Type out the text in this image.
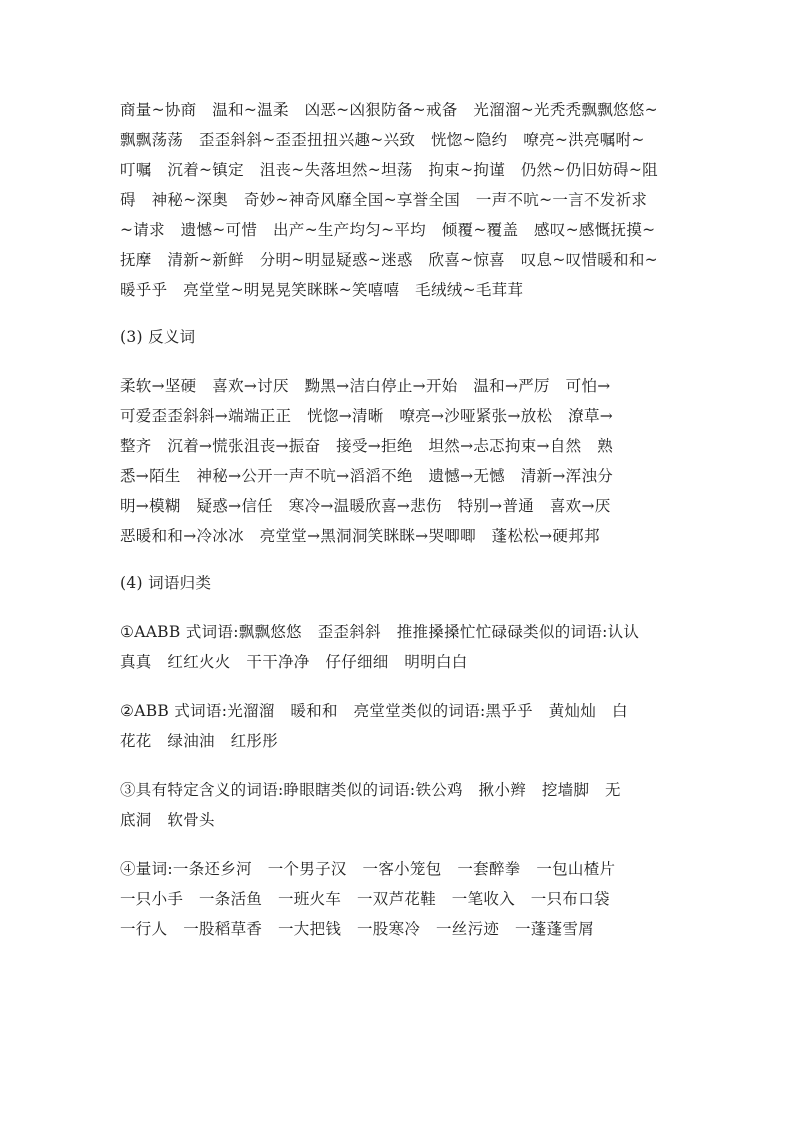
商量~协商　温和~温柔　凶恶~凶狠防备~戒备　光溜溜~光秃秃飘飘悠悠~
飘飘荡荡　歪歪斜斜~歪歪扭扭兴趣~兴致　恍惚~隐约　嘹亮~洪亮嘱咐~
叮嘱　沉着~镇定　沮丧~失落坦然~坦荡　拘束~拘谨　仍然~仍旧妨碍~阻
碍　神秘~深奥　奇妙~神奇风靡全国~享誉全国　一声不吭~一言不发祈求
~请求　遗憾~可惜　出产~生产均匀~平均　倾覆~覆盖　感叹~感慨抚摸~
抚摩　清新~新鲜　分明~明显疑惑~迷惑　欣喜~惊喜　叹息~叹惜暖和和~
暖乎乎　亮堂堂~明晃晃笑眯眯~笑嘻嘻　毛绒绒~毛茸茸

(3) 反义词

柔软→坚硬　喜欢→讨厌　黝黑→洁白停止→开始　温和→严厉　可怕→
可爱歪歪斜斜→端端正正　恍惚→清晰　嘹亮→沙哑紧张→放松　潦草→
整齐　沉着→慌张沮丧→振奋　接受→拒绝　坦然→忐忑拘束→自然　熟
悉→陌生　神秘→公开一声不吭→滔滔不绝　遗憾→无憾　清新→浑浊分
明→模糊　疑惑→信任　寒冷→温暖欣喜→悲伤　特别→普通　喜欢→厌
恶暖和和→冷冰冰　亮堂堂→黑洞洞笑眯眯→哭唧唧　蓬松松→硬邦邦

(4) 词语归类

①AABB 式词语:飘飘悠悠　歪歪斜斜　推推搡搡忙忙碌碌类似的词语:认认
真真　红红火火　干干净净　仔仔细细　明明白白

②ABB 式词语:光溜溜　暖和和　亮堂堂类似的词语:黑乎乎　黄灿灿　白
花花　绿油油　红彤彤

③具有特定含义的词语:睁眼瞎类似的词语:铁公鸡　揪小辫　挖墙脚　无
底洞　软骨头

④量词:一条还乡河　一个男子汉　一客小笼包　一套醉拳　一包山楂片
一只小手　一条活鱼　一班火车　一双芦花鞋　一笔收入　一只布口袋
一行人　一股稻草香　一大把钱　一股寒冷　一丝污迹　一蓬蓬雪屑
